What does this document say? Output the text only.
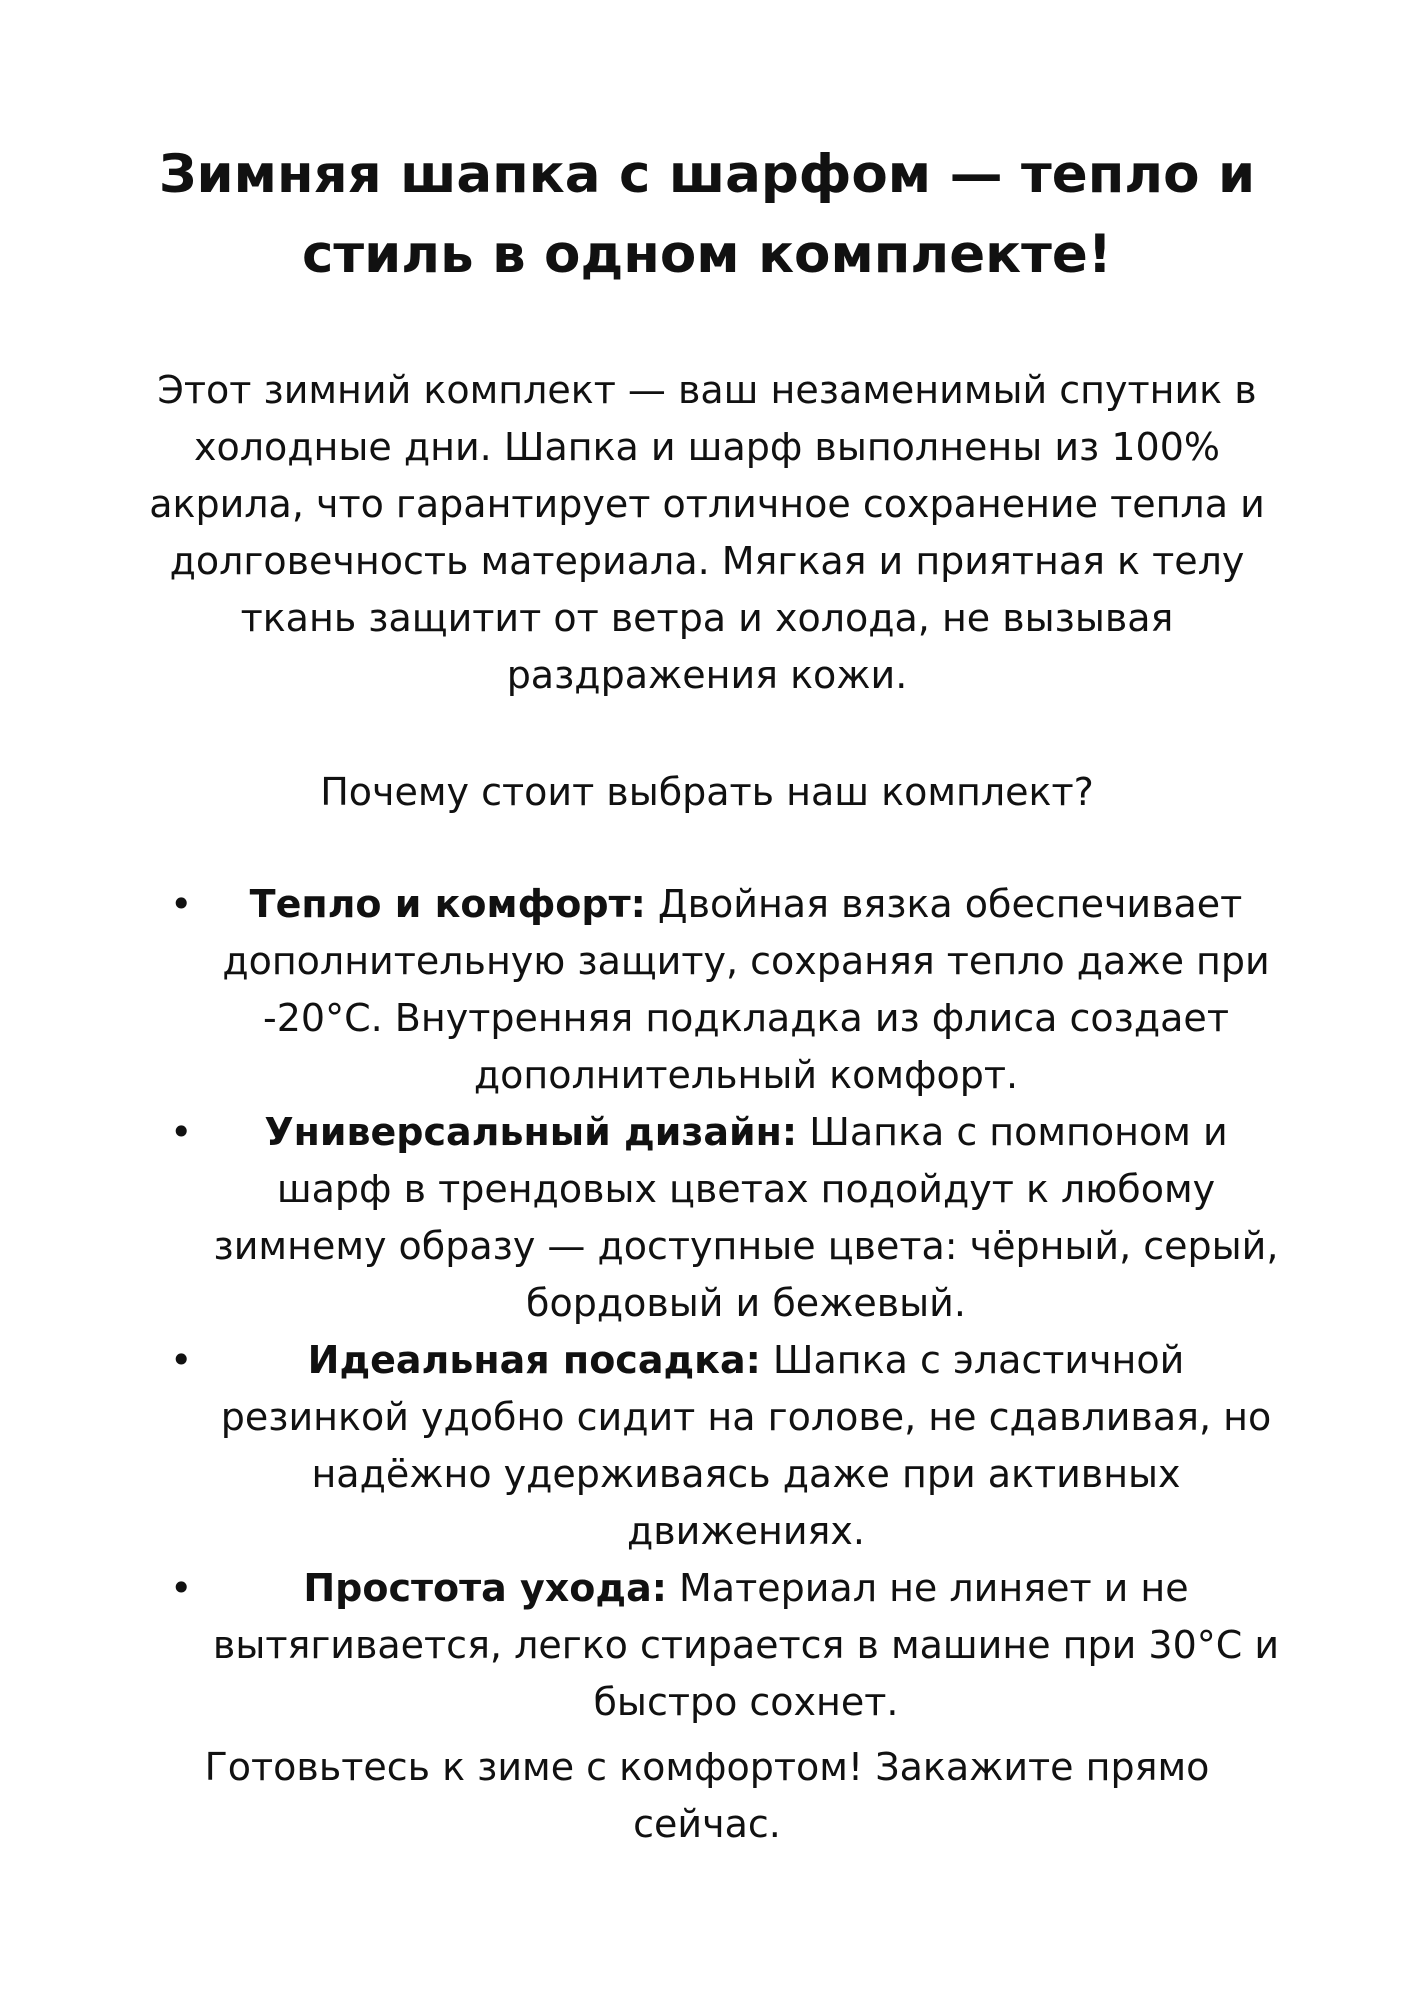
Зимняя шапка с шарфом — тепло и стиль в одном комплекте!

Этот зимний комплект — ваш незаменимый спутник в холодные дни. Шапка и шарф выполнены из 100% акрила, что гарантирует отличное сохранение тепла и долговечность материала. Мягкая и приятная к телу ткань защитит от ветра и холода, не вызывая раздражения кожи.

Почему стоит выбрать наш комплект?

• Тепло и комфорт: Двойная вязка обеспечивает дополнительную защиту, сохраняя тепло даже при -20°C. Внутренняя подкладка из флиса создает дополнительный комфорт.
• Универсальный дизайн: Шапка с помпоном и шарф в трендовых цветах подойдут к любому зимнему образу — доступные цвета: чёрный, серый, бордовый и бежевый.
•	Идеальная посадка: Шапка с эластичной резинкой удобно сидит на голове, не сдавливая, но надёжно удерживаясь даже при активных движениях.
•	Простота ухода: Материал не линяет и не вытягивается, легко стирается в машине при 30°C и быстро сохнет.

Готовьтесь к зиме с комфортом! Закажите прямо сейчас.
